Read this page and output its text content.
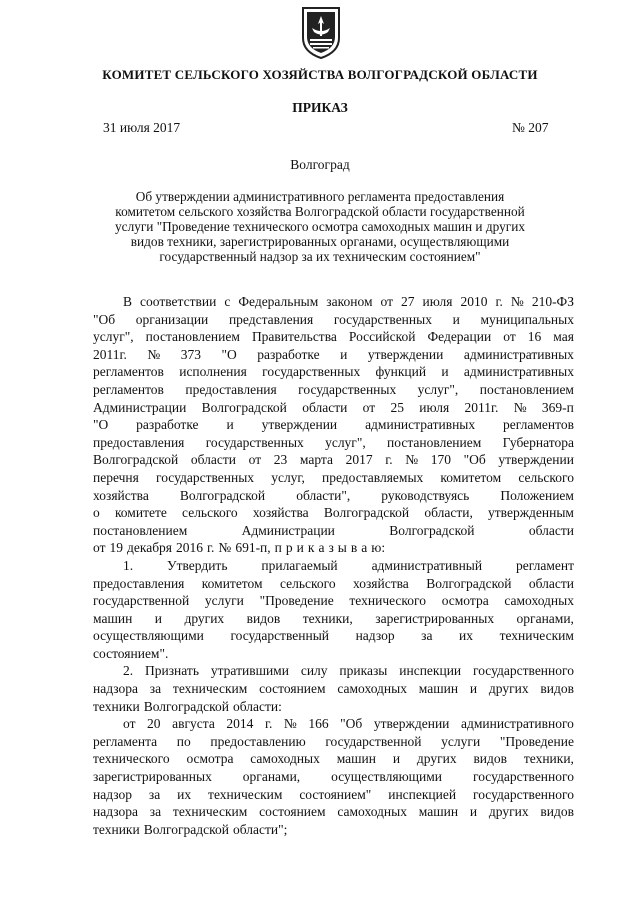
КОМИТЕТ СЕЛЬСКОГО ХОЗЯЙСТВА ВОЛГОГРАДСКОЙ ОБЛАСТИ
ПРИКАЗ
31 июля 2017	№ 207
Волгоград
Об утверждении административного регламента предоставления
комитетом сельского хозяйства Волгоградской области государственной
услуги "Проведение технического осмотра самоходных машин и других
видов техники, зарегистрированных органами, осуществляющими
государственный надзор за их техническим состоянием"
В соответствии с Федеральным законом от 27 июля 2010 г. № 210-ФЗ
"Об организации представления государственных и муниципальных
услуг", постановлением Правительства Российской Федерации от 16 мая
2011г. № 373 "О разработке и утверждении административных
регламентов исполнения государственных функций и административных
регламентов предоставления государственных услуг", постановлением
Администрации Волгоградской области от 25 июля 2011г. № 369-п
"О разработке и утверждении административных регламентов
предоставления государственных услуг", постановлением Губернатора
Волгоградской области от 23 марта 2017 г. № 170 "Об утверждении
перечня государственных услуг, предоставляемых комитетом сельского
хозяйства Волгоградской области", руководствуясь Положением
о комитете сельского хозяйства Волгоградской области, утвержденным
постановлением	Администрации	Волгоградской	области
от 19 декабря 2016 г. № 691-п, п р и к а з ы в а ю:
1.	Утвердить	прилагаемый	административный	регламент
предоставления комитетом сельского хозяйства Волгоградской области
государственной услуги "Проведение технического осмотра самоходных
машин и других видов техники, зарегистрированных органами,
осуществляющими государственный надзор за их техническим
состоянием".
2. Признать утратившими силу приказы инспекции государственного
надзора за техническим состоянием самоходных машин и других видов
техники Волгоградской области:
от 20 августа 2014 г. № 166 "Об утверждении административного
регламента по предоставлению государственной услуги "Проведение
технического осмотра самоходных машин и других видов техники,
зарегистрированных органами, осуществляющими государственного
надзор за их техническим состоянием" инспекцией государственного
надзора за техническим состоянием самоходных машин и других видов
техники Волгоградской области";
